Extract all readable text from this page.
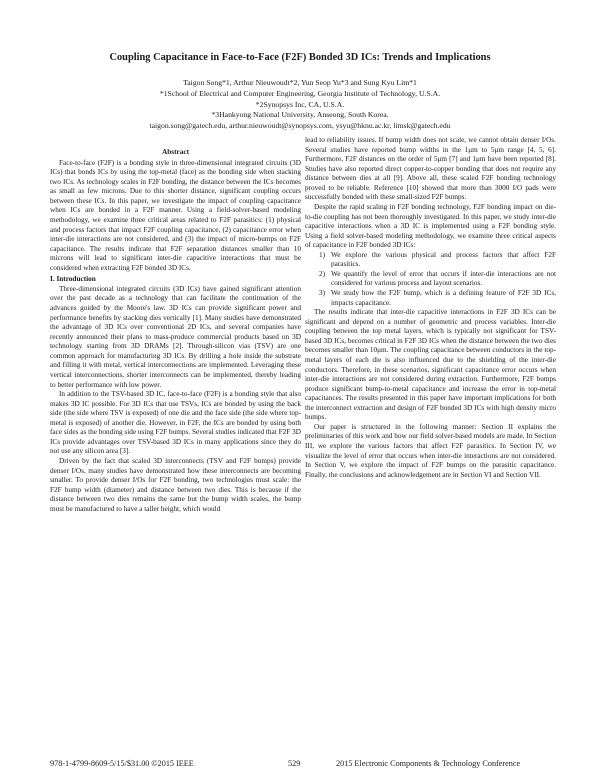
Coupling Capacitance in Face-to-Face (F2F) Bonded 3D ICs: Trends and Implications
Taigon Song*1, Arthur Nieuwoudt*2, Yun Seop Yu*3 and Sung Kyu Lim*1
*1School of Electrical and Computer Engineering, Georgia Institute of Technology, U.S.A.
*2Synopsys Inc, CA, U.S.A.
*3Hankyong National University, Anseong, South Korea.
taigon.song@gatech.edu, arthur.nieuwoudt@synopsys.com, ysyu@hknu.ac.kr, limsk@gatech.edu
Abstract

Face-to-face (F2F) is a bonding style in three-dimensional integrated circuits (3D ICs) that bonds ICs by using the top-metal (face) as the bonding side when stacking two ICs. As technology scales in F2F bonding, the distance between the ICs becomes as small as few microns. Due to this shorter distance, significant coupling occurs between these ICs. In this paper, we investigate the impact of coupling capacitance when ICs are bonded in a F2F manner. Using a field-solver-based modeling methodology, we examine three critical areas related to F2F parasitics: (1) physical and process factors that impact F2F coupling capacitance, (2) capacitance error when inter-die interactions are not considered, and (3) the impact of micro-bumps on F2F capacitance. The results indicate that F2F separation distances smaller than 10 microns will lead to significant inter-die capacitive interactions that must be considered when extracting F2F bonded 3D ICs.

I. Introduction

Three-dimensional integrated circuits (3D ICs) have gained significant attention over the past decade as a technology that can facilitate the continuation of the advances guided by the Moore's law. 3D ICs can provide significant power and performance benefits by stacking dies vertically [1]. Many studies have demonstrated the advantage of 3D ICs over conventional 2D ICs, and several companies have recently announced their plans to mass-produce commercial products based on 3D technology starting from 3D DRAMs [2]. Through-silicon vias (TSV) are one common approach for manufacturing 3D ICs. By drilling a hole inside the substrate and filling it with metal, vertical interconnections are implemented. Leveraging these vertical interconnections, shorter interconnects can be implemented, thereby leading to better performance with low power.

In addition to the TSV-based 3D IC, face-to-face (F2F) is a bonding style that also makes 3D IC possible. For 3D ICs that use TSVs, ICs are bonded by using the back side (the side where TSV is exposed) of one die and the face side (the side where top-metal is exposed) of another die. However, in F2F, the ICs are bonded by using both face sides as the bonding side using F2F bumps. Several studies indicated that F2F 3D ICs provide advantages over TSV-based 3D ICs in many applications since they do not use any silicon area [3].

Driven by the fact that scaled 3D interconnects (TSV and F2F bumps) provide denser I/Os, many studies have demonstrated how these interconnects are becoming smaller. To provide denser I/Os for F2F bonding, two technologies must scale: the F2F bump width (diameter) and distance between two dies. This is because if the distance between two dies remains the same but the bump width scales, the bump must be manufactured to have a taller height, which would

lead to reliability issues. If bump width does not scale, we cannot obtain denser I/Os. Several studies have reported bump widths in the 1μm to 5μm range [4, 5, 6]. Furthermore, F2F distances on the order of 5μm [7] and 1μm have been reported [8]. Studies have also reported direct copper-to-copper bonding that does not require any distance between dies at all [9]. Above all, these scaled F2F bonding technology proved to be reliable. Reference [10] showed that more than 3000 I/O pads were successfully bonded with these small-sized F2F bumps.

Despite the rapid scaling in F2F bonding technology, F2F bonding impact on die-to-die coupling has not been thoroughly investigated. In this paper, we study inter-die capacitive interactions when a 3D IC is implemented using a F2F bonding style. Using a field solver-based modeling methodology, we examine three critical aspects of capacitance in F2F bonded 3D ICs:

1) We explore the various physical and process factors that affect F2F parasitics.
2) We quantify the level of error that occurs if inter-die interactions are not considered for various process and layout scenarios.
3) We study how the F2F bump, which is a defining feature of F2F 3D ICs, impacts capacitance.

The results indicate that inter-die capacitive interactions in F2F 3D ICs can be significant and depend on a number of geometric and process variables. Inter-die coupling between the top metal layers, which is typically not significant for TSV-based 3D ICs, becomes critical in F2F 3D ICs when the distance between the two dies becomes smaller than 10μm. The coupling capacitance between conductors in the top-metal layers of each die is also influenced due to the shielding of the inter-die conductors. Therefore, in these scenarios, significant capacitance error occurs when inter-die interactions are not considered during extraction. Furthermore, F2F bumps produce significant bump-to-metal capacitance and increase the error in top-metal capacitances. The results presented in this paper have important implications for both the interconnect extraction and design of F2F bonded 3D ICs with high density micro bumps.

Our paper is structured in the following manner: Section II explains the preliminaries of this work and how our field solver-based models are made. In Section III, we explore the various factors that affect F2F parasitics. In Section IV, we visualize the level of error that occurs when inter-die interactions are not considered. In Section V, we explore the impact of F2F bumps on the parasitic capacitance. Finally, the conclusions and acknowledgement are in Section VI and Section VII.

978-1-4799-8609-5/15/$31.00 ©2015 IEEE	529	2015 Electronic Components & Technology Conference
